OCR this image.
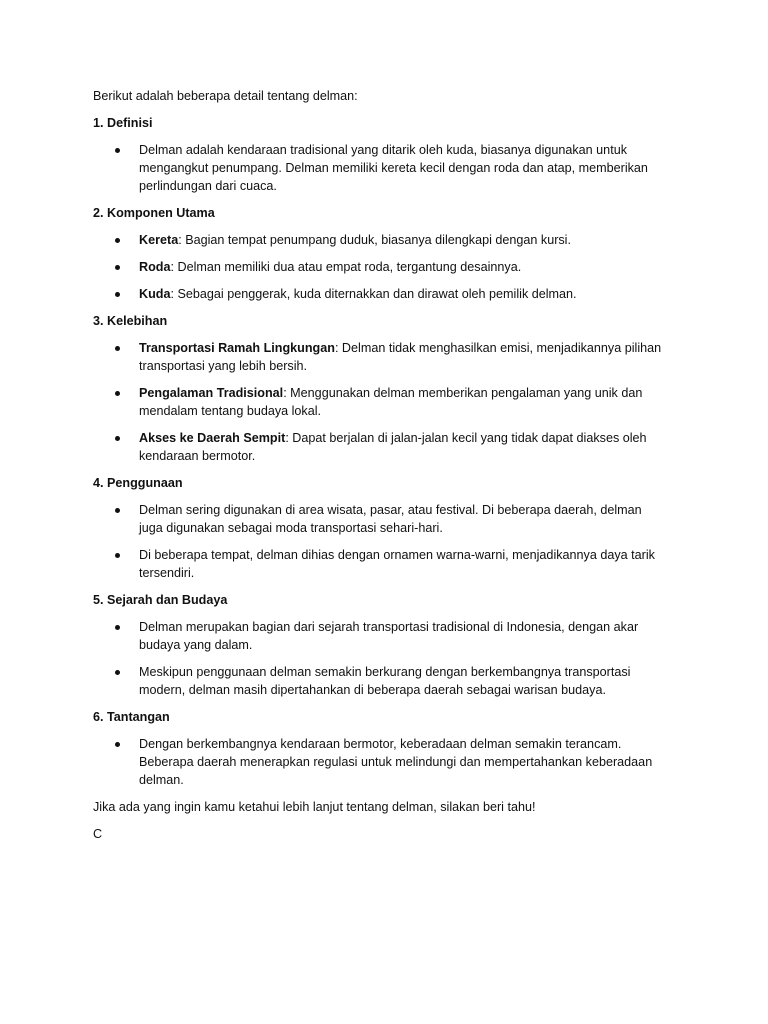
Berikut adalah beberapa detail tentang delman:

1. Definisi

Delman adalah kendaraan tradisional yang ditarik oleh kuda, biasanya digunakan untuk
mengangkut penumpang. Delman memiliki kereta kecil dengan roda dan atap, memberikan
perlindungan dari cuaca.

2. Komponen Utama

Kereta: Bagian tempat penumpang duduk, biasanya dilengkapi dengan kursi.
Roda: Delman memiliki dua atau empat roda, tergantung desainnya.
Kuda: Sebagai penggerak, kuda diternakkan dan dirawat oleh pemilik delman.

3. Kelebihan

Transportasi Ramah Lingkungan: Delman tidak menghasilkan emisi, menjadikannya pilihan
transportasi yang lebih bersih.
Pengalaman Tradisional: Menggunakan delman memberikan pengalaman yang unik dan
mendalam tentang budaya lokal.
Akses ke Daerah Sempit: Dapat berjalan di jalan-jalan kecil yang tidak dapat diakses oleh
kendaraan bermotor.

4. Penggunaan

Delman sering digunakan di area wisata, pasar, atau festival. Di beberapa daerah, delman
juga digunakan sebagai moda transportasi sehari-hari.
Di beberapa tempat, delman dihias dengan ornamen warna-warni, menjadikannya daya tarik
tersendiri.

5. Sejarah dan Budaya

Delman merupakan bagian dari sejarah transportasi tradisional di Indonesia, dengan akar
budaya yang dalam.
Meskipun penggunaan delman semakin berkurang dengan berkembangnya transportasi
modern, delman masih dipertahankan di beberapa daerah sebagai warisan budaya.

6. Tantangan

Dengan berkembangnya kendaraan bermotor, keberadaan delman semakin terancam.
Beberapa daerah menerapkan regulasi untuk melindungi dan mempertahankan keberadaan
delman.

Jika ada yang ingin kamu ketahui lebih lanjut tentang delman, silakan beri tahu!

C
